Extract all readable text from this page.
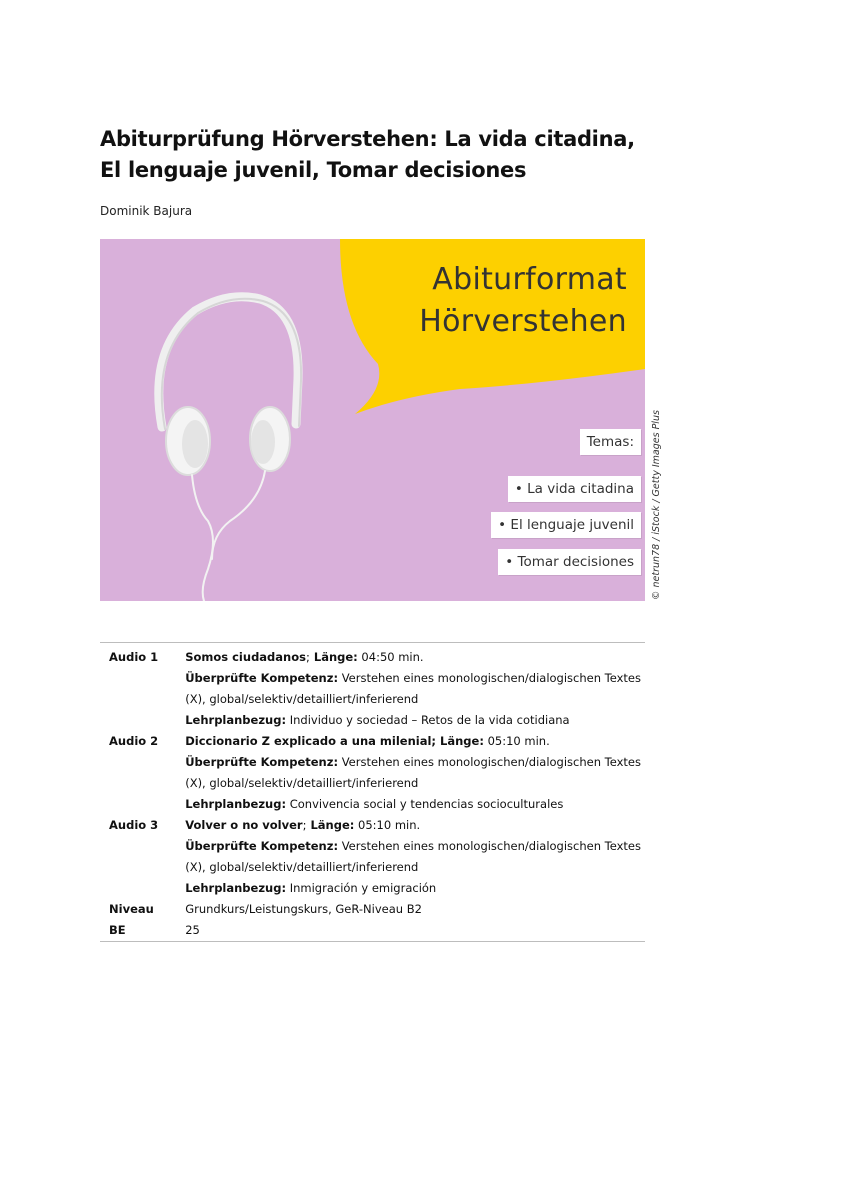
Abiturprüfung Hörverstehen: La vida citadina,
El lenguaje juvenil, Tomar decisiones
Dominik Bajura
Abiturformat
Hörverstehen
Temas:
• La vida citadina
• El lenguaje juvenil
• Tomar decisiones	© netrun78 / iStock / Getty Images Plus
Audio 1	Somos ciudadanos; Länge: 04:50 min.
Überprüfte Kompetenz: Verstehen eines monologischen/dialogischen Textes
(X), global/selektiv/detailliert/inferierend
Lehrplanbezug: Individuo y sociedad – Retos de la vida cotidiana

Audio 2	Diccionario Z explicado a una milenial; Länge: 05:10 min.
Überprüfte Kompetenz: Verstehen eines monologischen/dialogischen Textes
(X), global/selektiv/detailliert/inferierend
Lehrplanbezug: Convivencia social y tendencias socioculturales

Audio 3	Volver o no volver; Länge: 05:10 min.
Überprüfte Kompetenz: Verstehen eines monologischen/dialogischen Textes
(X), global/selektiv/detailliert/inferierend
Lehrplanbezug: Inmigración y emigración

Niveau	Grundkurs/Leistungskurs, GeR-Niveau B2
BE	25
